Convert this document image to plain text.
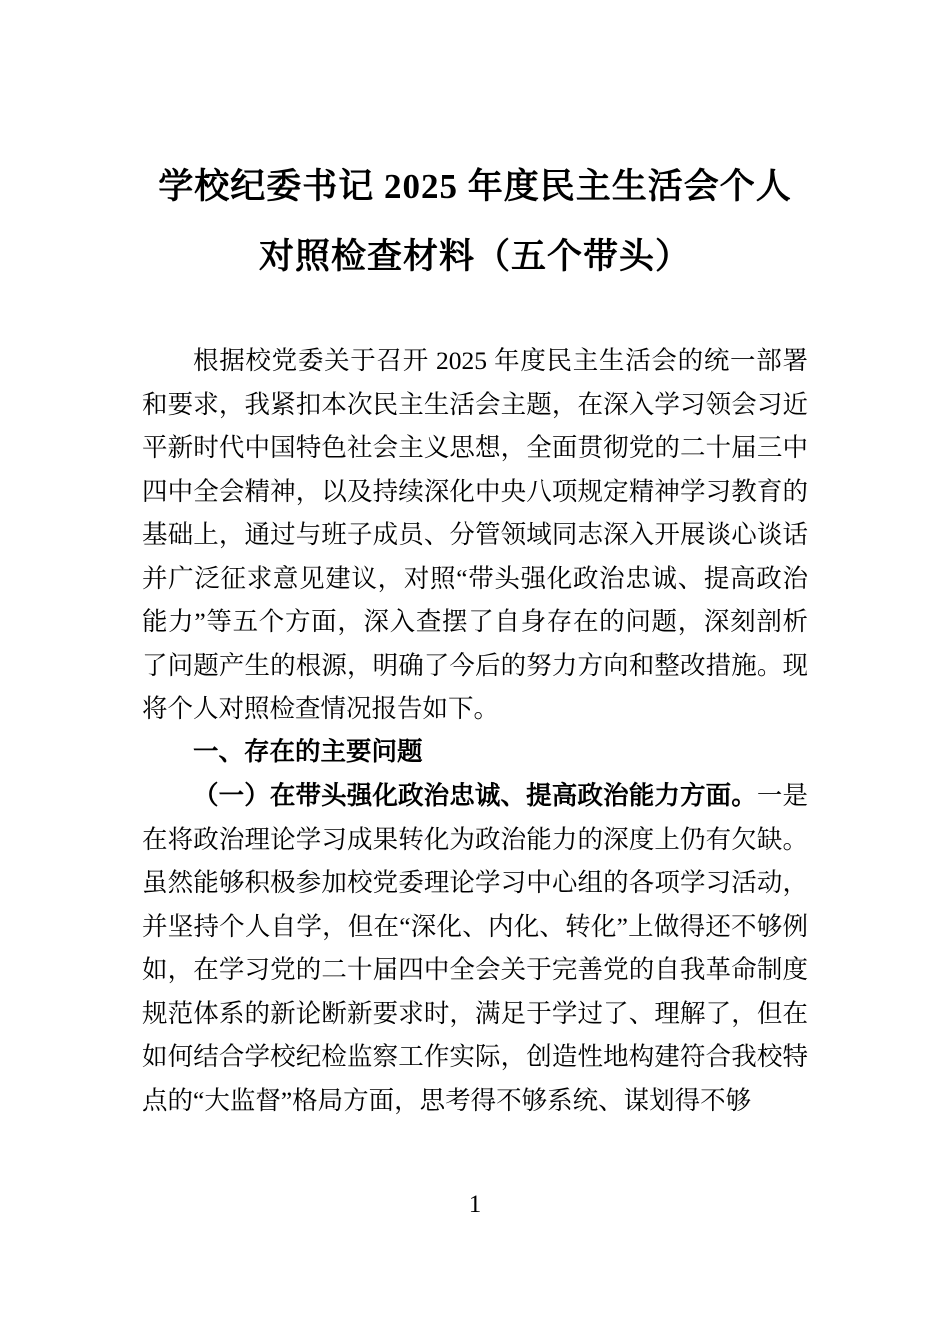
学校纪委书记 2025 年度民主生活会个人对照检查材料（五个带头）

根据校党委关于召开 2025 年度民主生活会的统一部署和要求，我紧扣本次民主生活会主题，在深入学习领会习近平新时代中国特色社会主义思想，全面贯彻党的二十届三中四中全会精神，以及持续深化中央八项规定精神学习教育的基础上，通过与班子成员、分管领域同志深入开展谈心谈话并广泛征求意见建议，对照“带头强化政治忠诚、提高政治能力”等五个方面，深入查摆了自身存在的问题，深刻剖析了问题产生的根源，明确了今后的努力方向和整改措施。现将个人对照检查情况报告如下。

一、存在的主要问题

（一）在带头强化政治忠诚、提高政治能力方面。一是在将政治理论学习成果转化为政治能力的深度上仍有欠缺。虽然能够积极参加校党委理论学习中心组的各项学习活动，并坚持个人自学，但在“深化、内化、转化”上做得还不够例如，在学习党的二十届四中全会关于完善党的自我革命制度规范体系的新论断新要求时，满足于学过了、理解了，但在如何结合学校纪检监察工作实际，创造性地构建符合我校特点的“大监督”格局方面，思考得不够系统、谋划得不够

1
